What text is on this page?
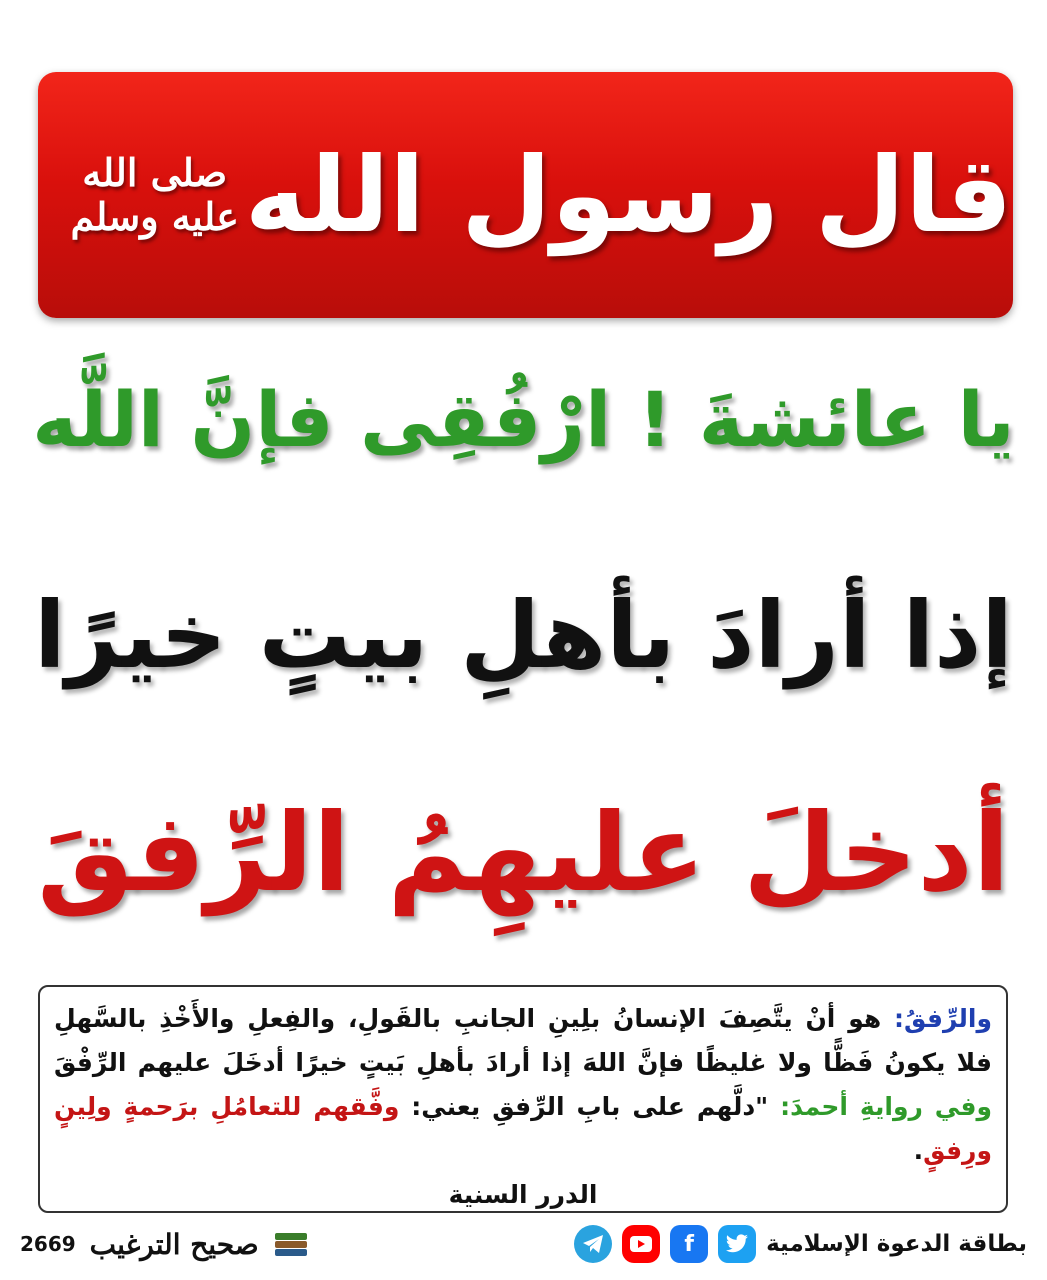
قال رسول الله
صلى الله عليه وسلم
يا عائشةَ ! ارْفُقِى فإنَّ اللَّه
إذا أرادَ بأهلِ بيتٍ خيرًا
أدخلَ عليهِمُ الرِّفقَ
والرِّفقُ: هو أنْ يتَّصِفَ الإنسانُ بلِينِ الجانبِ بالقَولِ، والفِعلِ والأَخْذِ بالسَّهلِ فلا يكونُ فَظًّا ولا غليظًا فإنَّ اللهَ إذا أرادَ بأهلِ بَيتٍ خيرًا أدخَلَ عليهم الرِّفْقَ وفي روايةِ أحمدَ: "دلَّهم على بابِ الرِّفقِ يعني: وفَّقهم للتعامُلِ برَحمةٍ ولِينٍ ورِفقٍ.
الدرر السنية
بطاقة الدعوة الإسلامية
f
صحيح الترغيب
2669
